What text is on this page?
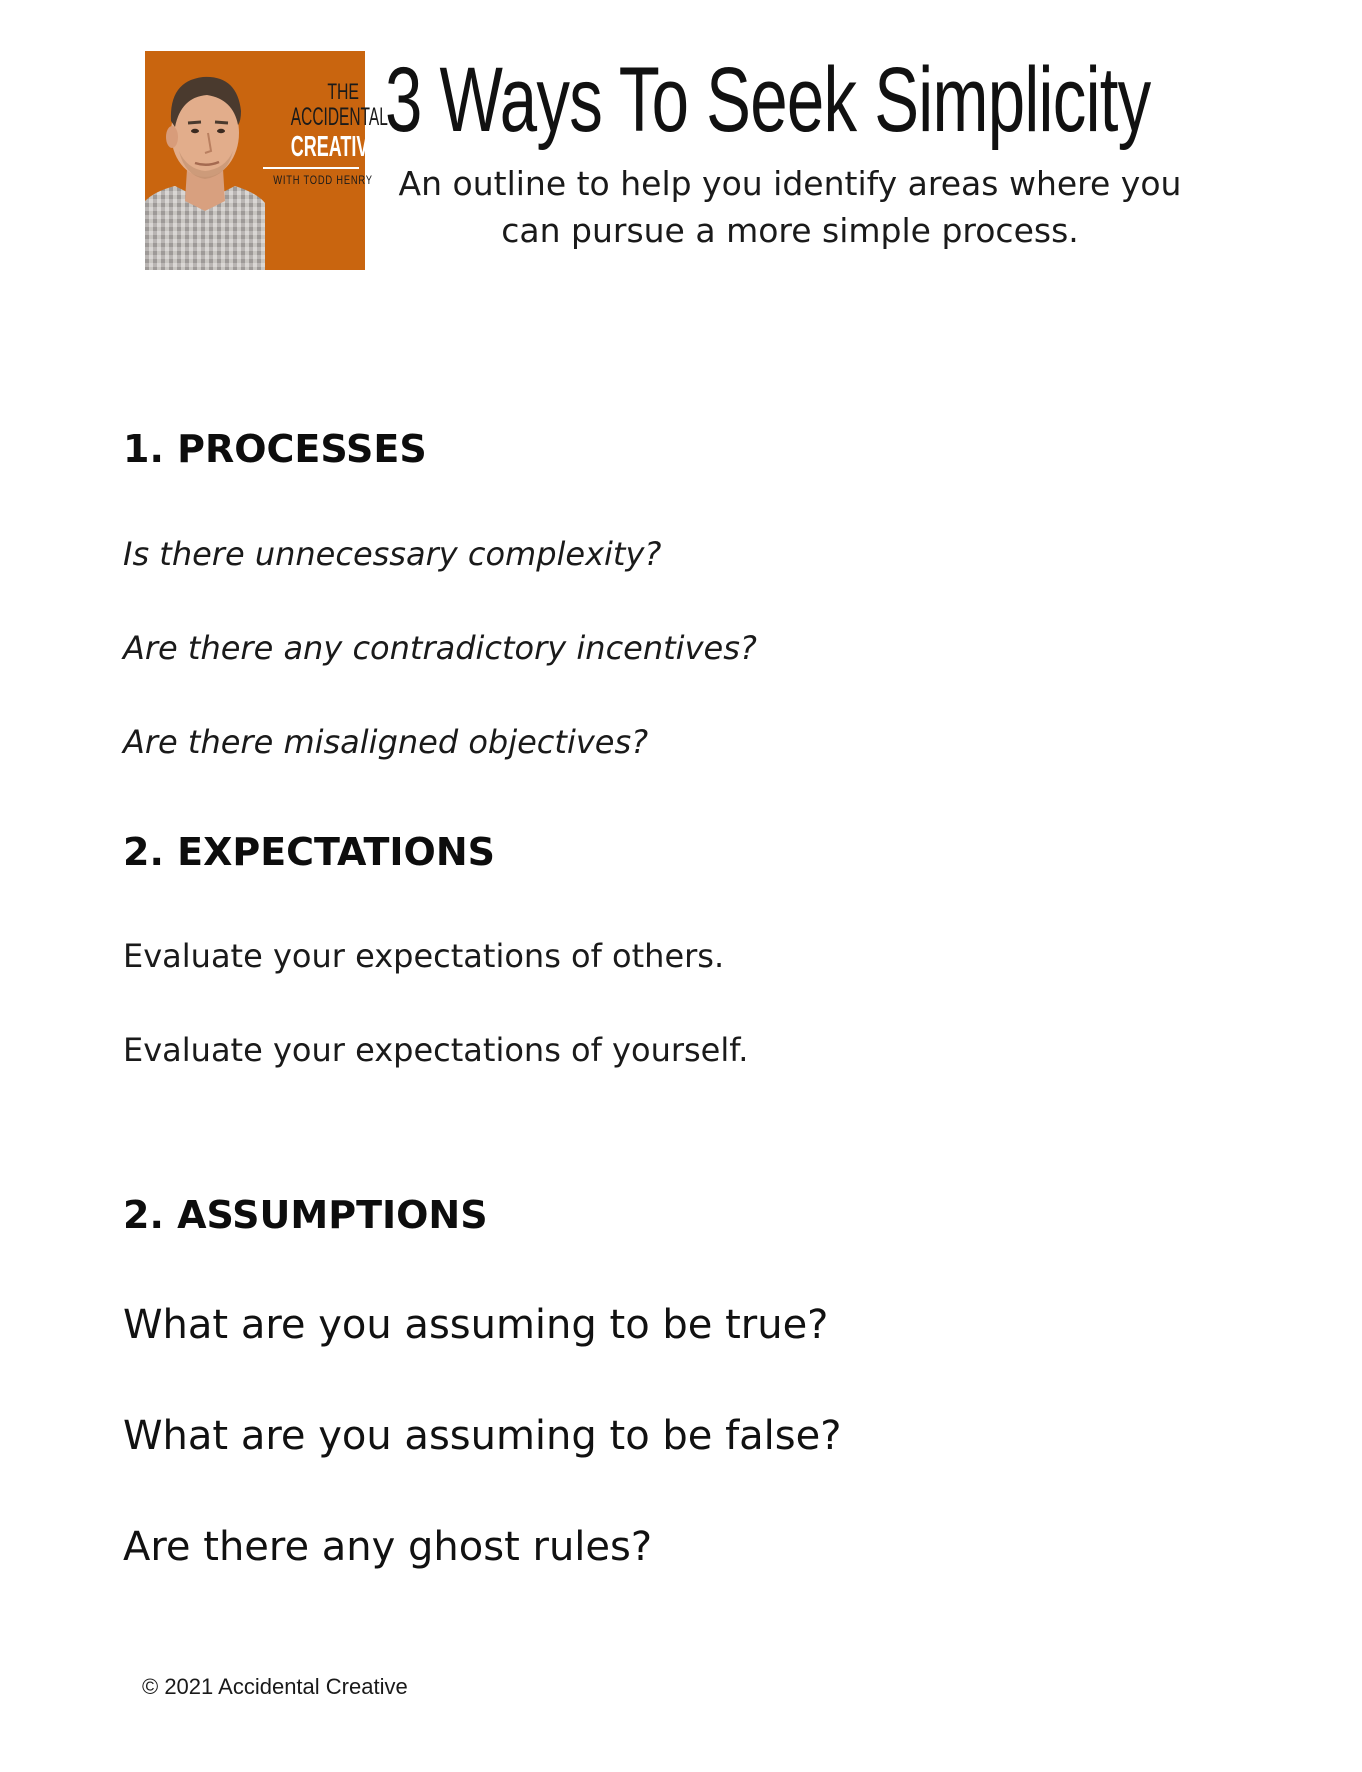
THE
ACCIDENTAL
CREATIVE
WITH TODD HENRY
3 Ways To Seek Simplicity

An outline to help you identify areas where you
can pursue a more simple process.

1. PROCESSES

Is there unnecessary complexity?

Are there any contradictory incentives?

Are there misaligned objectives?

2. EXPECTATIONS

Evaluate your expectations of others.

Evaluate your expectations of yourself.

2. ASSUMPTIONS

What are you assuming to be true?

What are you assuming to be false?

Are there any ghost rules?

© 2021 Accidental Creative
